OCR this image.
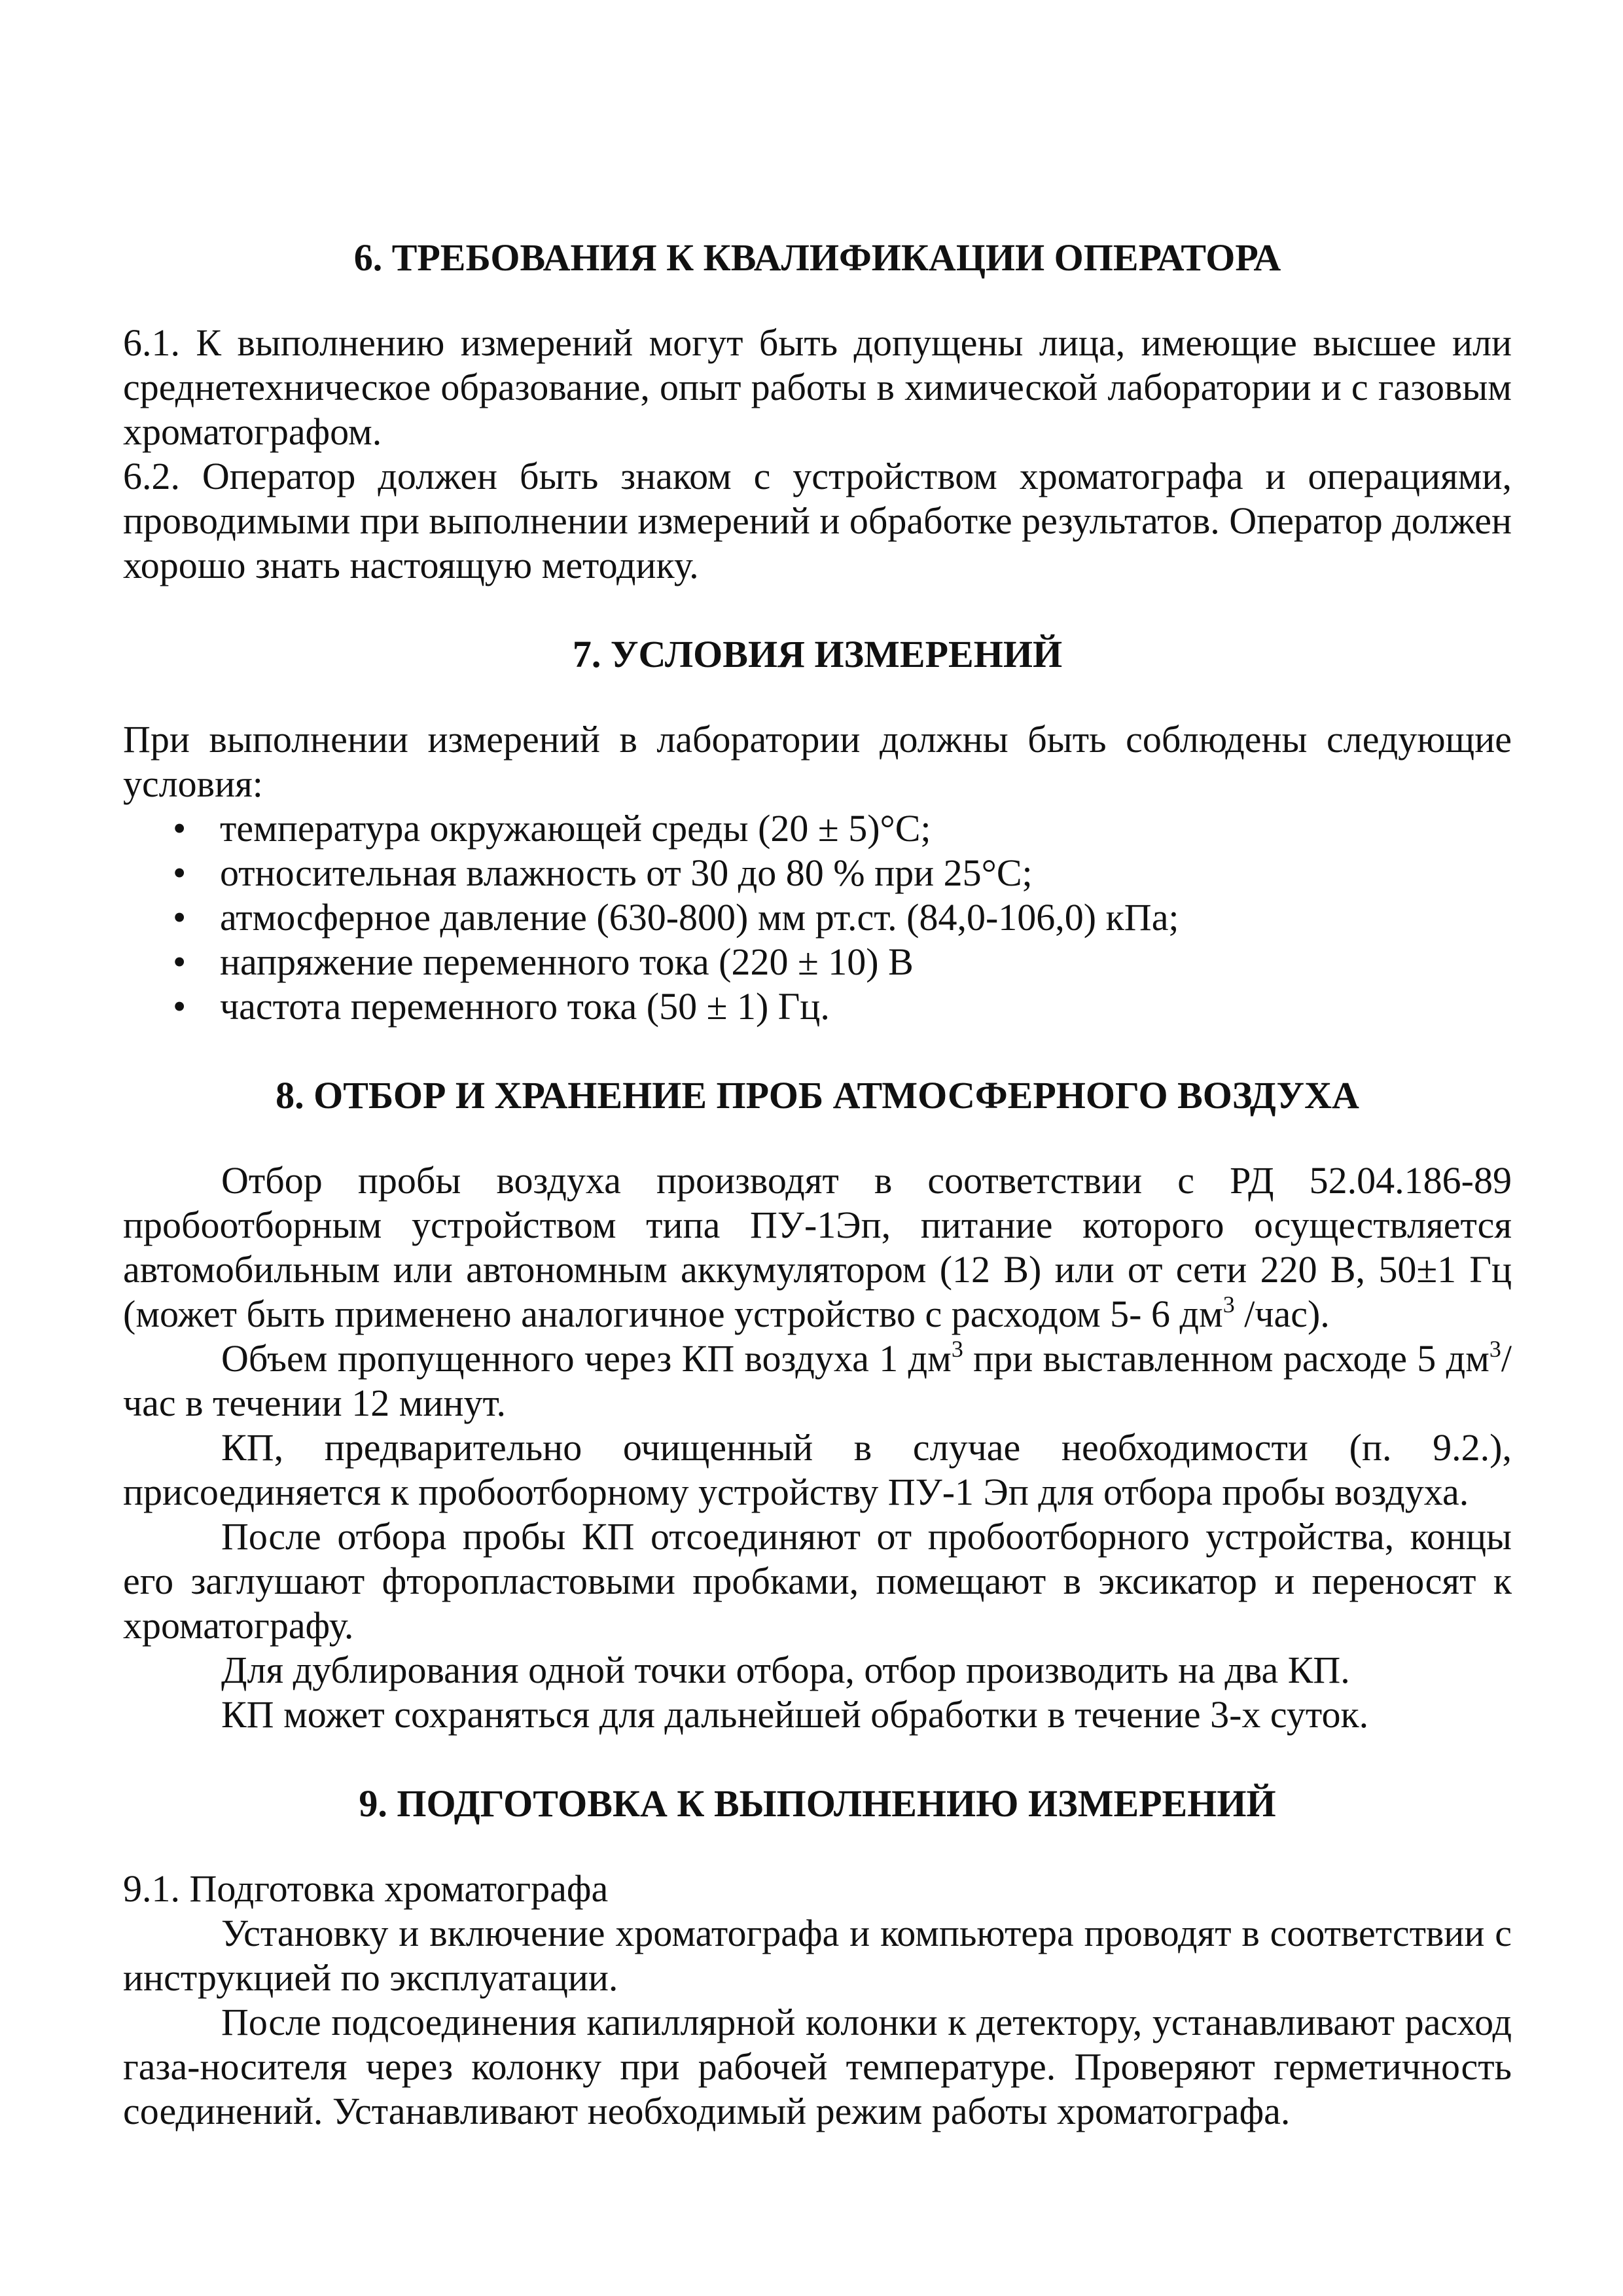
6. ТРЕБОВАНИЯ К КВАЛИФИКАЦИИ ОПЕРАТОРА

6.1. К выполнению измерений могут быть допущены лица, имеющие высшее или среднетехническое образование, опыт работы в химической лаборатории и с газовым хроматографом.

6.2. Оператор должен быть знаком с устройством хроматографа и операциями, проводимыми при выполнении измерений и обработке результатов. Оператор должен хорошо знать настоящую методику.

7. УСЛОВИЯ ИЗМЕРЕНИЙ

При выполнении измерений в лаборатории должны быть соблюдены следующие условия:

• температура окружающей среды (20 ± 5)°С;
• относительная влажность от 30 до 80 % при 25°С;
• атмосферное давление (630-800) мм рт.ст. (84,0-106,0) кПа;
• напряжение переменного тока (220 ± 10) В
• частота переменного тока (50 ± 1) Гц.
8. ОТБОР И ХРАНЕНИЕ ПРОБ АТМОСФЕРНОГО ВОЗДУХА

Отбор пробы воздуха производят в соответствии с РД 52.04.186-89 пробоотборным устройством типа ПУ-1Эп, питание которого осуществляется автомобильным или автономным аккумулятором (12 В) или от сети 220 В, 50±1 Гц (может быть применено аналогичное устройство с расходом 5- 6 $дм^3$ /час).

Объем пропущенного через КП воздуха 1 $дм^3$ при выставленном расходе 5 $дм^3$/час в течении 12 минут.

КП, предварительно очищенный в случае необходимости (п. 9.2.), присоединяется к пробоотборному устройству ПУ-1 Эп для отбора пробы воздуха.

После отбора пробы КП отсоединяют от пробоотборного устройства, концы его заглушают фторопластовыми пробками, помещают в эксикатор и переносят к хроматографу.

Для дублирования одной точки отбора, отбор производить на два КП.

КП может сохраняться для дальнейшей обработки в течение 3-х суток.

9. ПОДГОТОВКА К ВЫПОЛНЕНИЮ ИЗМЕРЕНИЙ

9.1. Подготовка хроматографа

Установку и включение хроматографа и компьютера проводят в соответствии с инструкцией по эксплуатации.

После подсоединения капиллярной колонки к детектору, устанавливают расход газа-носителя через колонку при рабочей температуре. Проверяют герметичность соединений. Устанавливают необходимый режим работы хроматографа.
